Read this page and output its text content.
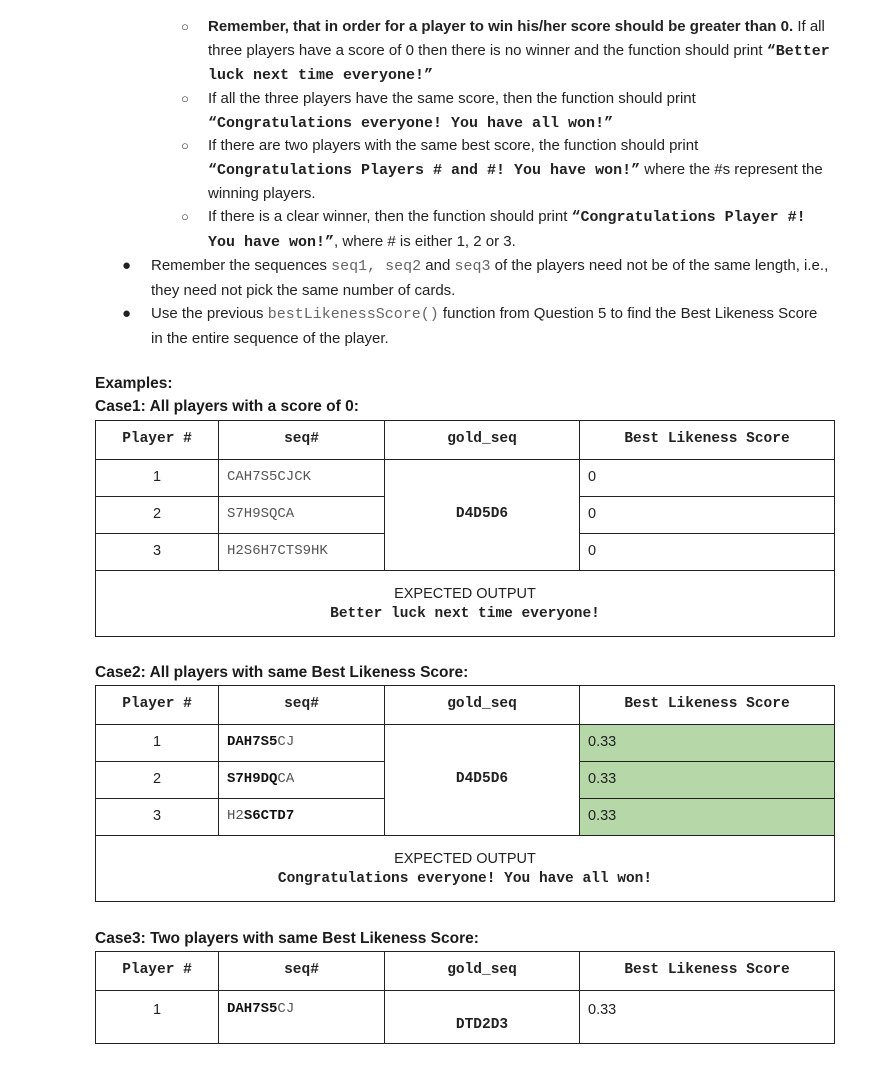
○ Remember, that in order for a player to win his/her score should be greater than 0. If all three players have a score of 0 then there is no winner and the function should print “Better luck next time everyone!”
○ If all the three players have the same score, then the function should print “Congratulations everyone! You have all won!”
○ If there are two players with the same best score, the function should print “Congratulations Players # and #! You have won!” where the #s represent the winning players.
○ If there is a clear winner, then the function should print “Congratulations Player #! You have won!”, where # is either 1, 2 or 3.
● Remember the sequences seq1, seq2 and seq3 of the players need not be of the same length, i.e., they need not pick the same number of cards.
● Use the previous bestLikenessScore() function from Question 5 to find the Best Likeness Score in the entire sequence of the player.
Examples:
Case1: All players with a score of 0:
Player #	seq#	gold_seq	Best Likeness Score
1	CAH7S5CJCK	D4D5D6	0
2	S7H9SQCA		0
3	H2S6H7CTS9HK		0

EXPECTED OUTPUT
Better luck next time everyone!			
Case2: All players with same Best Likeness Score:
Player #	seq#	gold_seq	Best Likeness Score
1	DAH7S5CJ	D4D5D6	0.33
2	S7H9DQCA		0.33
3	H2S6CTD7		0.33

EXPECTED OUTPUT
Congratulations everyone! You have all won!			
Case3: Two players with same Best Likeness Score:
Player #	seq#	gold_seq	Best Likeness Score
1	DAH7S5CJ	DTD2D3	0.33
